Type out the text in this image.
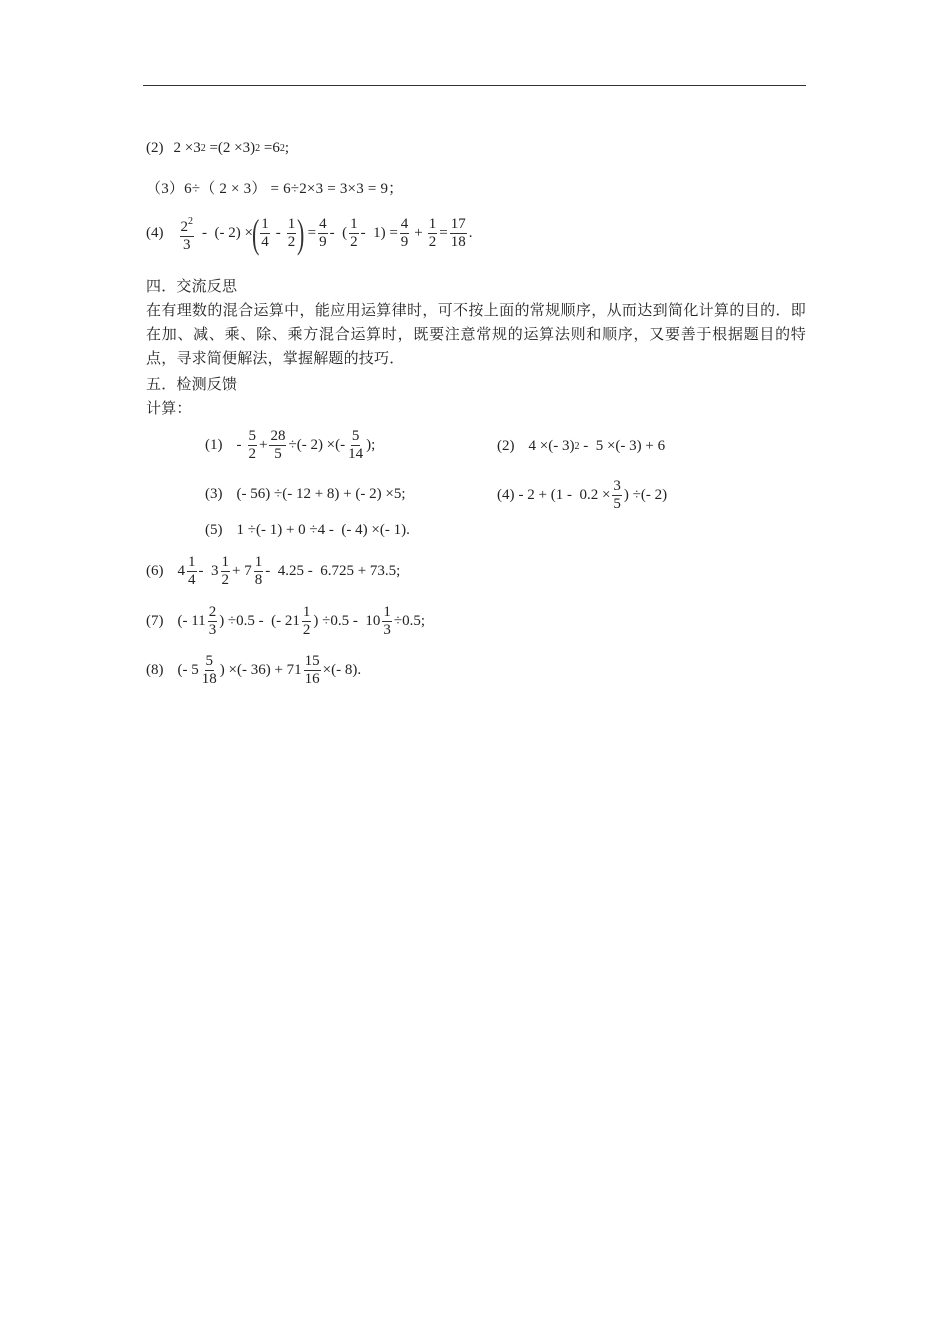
(2) 2 ×3 2 =(2 ×3) 2 =6 2 ;
（3）6÷（ 2 × 3） = 6÷2×3 = 3×3 = 9；
$(4) \frac{2^2}{3}$ -  (- 2) ×
( $\frac{1}{4} - \frac{1}{2}$ ) = $\frac{4}{9}$ -  ( $\frac{1}{2} - 1) = \frac{4}{9} + \frac{1}{2} = \frac{17}{18}$ .
四．交流反思
在有理数的混合运算中，能应用运算律时，可不按上面的常规顺序，从而达到简化计算的目的．即在加、减、乘、除、乘方混合运算时，既要注意常规的运算法则和顺序，又要善于根据题目的特点，寻求简便解法，掌握解题的技巧．
五．检测反馈
计算：
$(1) - \frac{5}{2} + \frac{28}{5}$ ÷(- 2) ×(- $\frac{5}{14}$ );	(2) 4 ×(- 3) 2 -  5 ×(- 3) + 6
(3) (- 56) ÷(- 12 + 8) + (- 2) ×5;	$(4) - 2 + (1 - 0.2 \times \frac{3}{5}$ ) ÷(- 2)
(5) 1 ÷(- 1) + 0 ÷4 -  (- 4) ×(- 1).
(6) $4 \frac{1}{4} - 3 \frac{1}{2} + 7 \frac{1}{8} - 4.25 - 6.725 + 73.5$;
(7) (- $11 \frac{2}{3}$ ) ÷0.5 -  (- $21 \frac{1}{2}$ ) $\div 0.5 - 10 \frac{1}{3} \div 0.5$;
(8) (- $5 \frac{5}{18}$ ) ×(- $36) + 71 \frac{15}{16}$ ×(- 8).
